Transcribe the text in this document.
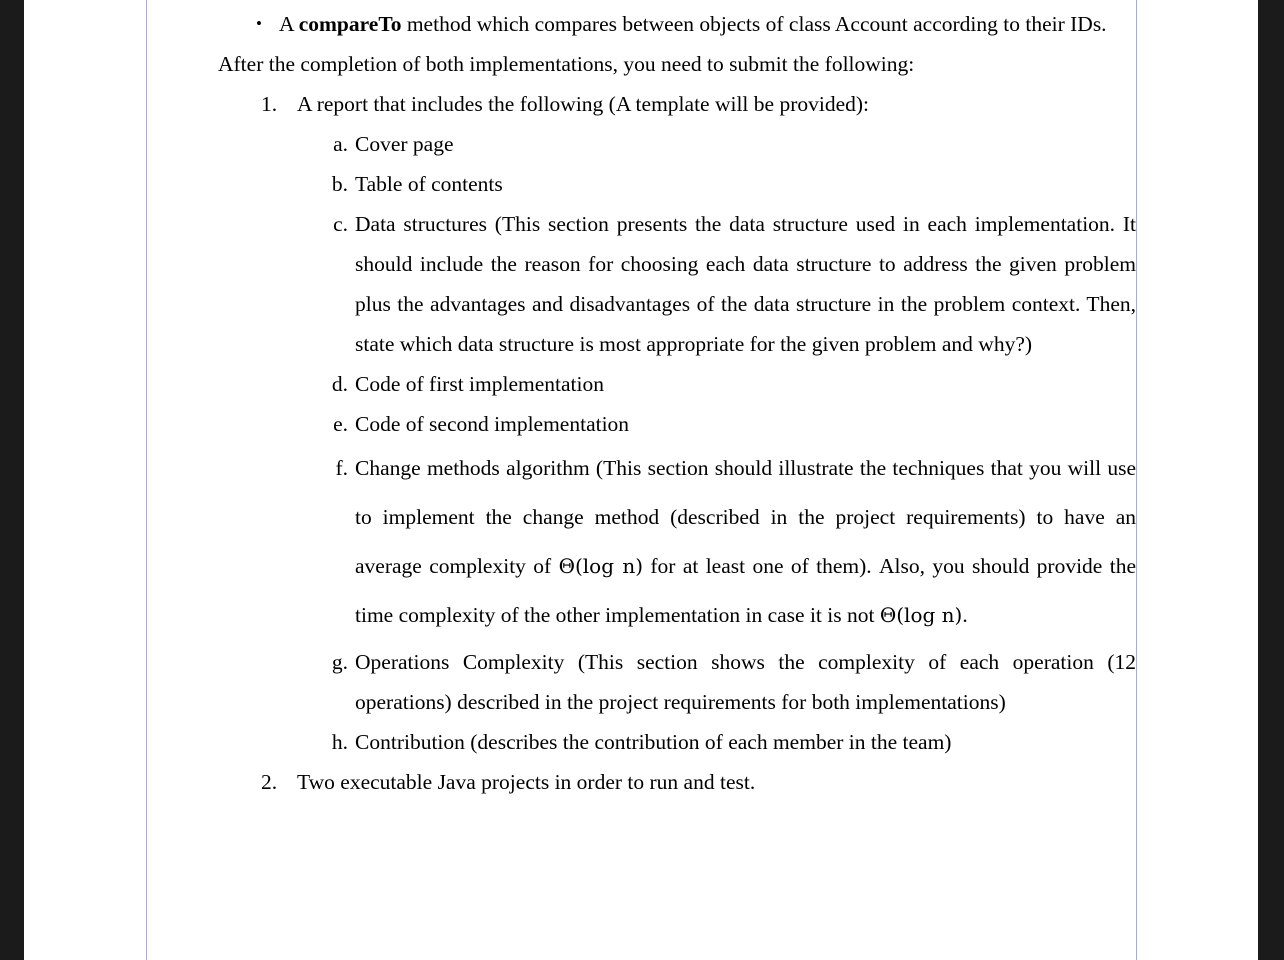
• A compareTo method which compares between objects of class Account according to their IDs.
After the completion of both implementations, you need to submit the following:
1. A report that includes the following (A template will be provided):
a. Cover page
b. Table of contents
c. Data structures (This section presents the data structure used in each implementation. It should include the reason for choosing each data structure to address the given problem plus the advantages and disadvantages of the data structure in the problem context. Then, state which data structure is most appropriate for the given problem and why?)
d. Code of first implementation
e. Code of second implementation
f. Change methods algorithm (This section should illustrate the techniques that you will use to implement the change method (described in the project requirements) to have an average complexity of Θ(log n) for at least one of them). Also, you should provide the time complexity of the other implementation in case it is not Θ(log n).
g. Operations Complexity (This section shows the complexity of each operation (12 operations) described in the project requirements for both implementations)
h. Contribution (describes the contribution of each member in the team)
2. Two executable Java projects in order to run and test.
